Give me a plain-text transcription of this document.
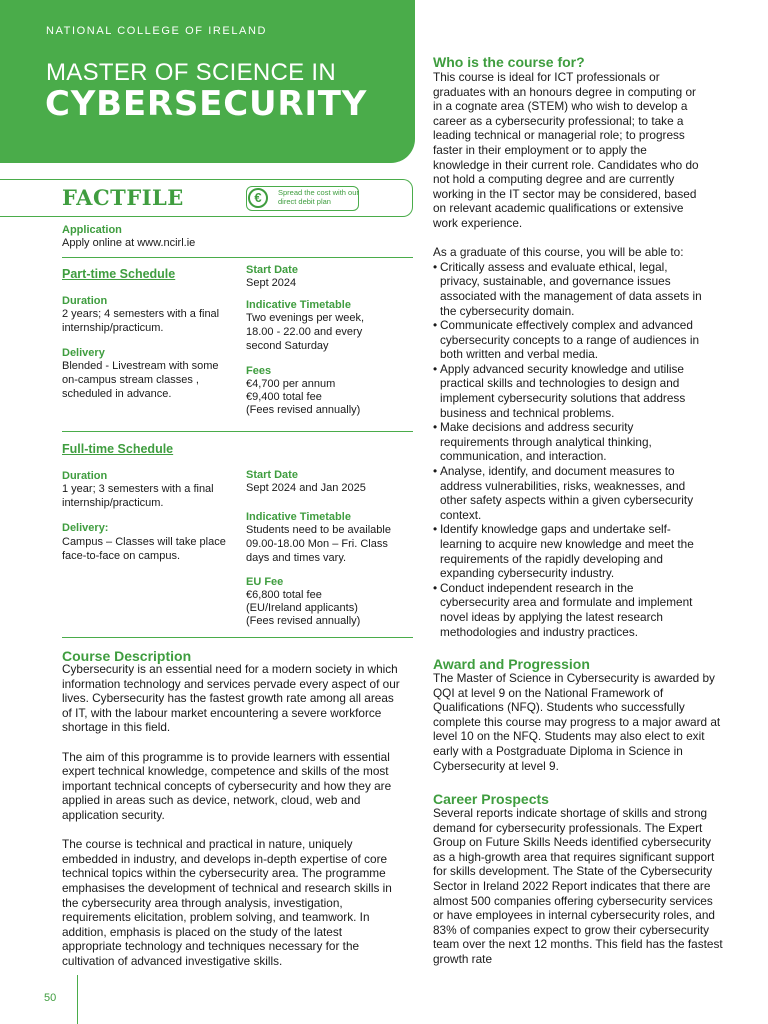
NATIONAL COLLEGE OF IRELAND
MASTER OF SCIENCE IN
CYBERSECURITY
FACTFILE	€	Spread the cost with our direct debit plan
Application
Apply online at www.ncirl.ie
Part-time Schedule
Duration
2 years; 4 semesters with a final internship/practicum.
Delivery
Blended - Livestream with some on-campus stream classes , scheduled in advance.
Start Date
Sept 2024
Indicative Timetable
Two evenings per week, 18.00 - 22.00 and every second Saturday
Fees
€4,700 per annum
€9,400 total fee
(Fees revised annually)
Full-time Schedule
Duration
1 year; 3 semesters with a final internship/practicum.
Delivery:
Campus – Classes will take place face-to-face on campus.
Start Date
Sept 2024 and Jan 2025
Indicative Timetable
Students need to be available 09.00-18.00 Mon – Fri. Class days and times vary.
EU Fee
€6,800 total fee
(EU/Ireland applicants)
(Fees revised annually)
Course Description

Cybersecurity is an essential need for a modern society in which information technology and services pervade every aspect of our lives. Cybersecurity has the fastest growth rate among all areas of IT, with the labour market encountering a severe workforce shortage in this field.

The aim of this programme is to provide learners with essential expert technical knowledge, competence and skills of the most important technical concepts of cybersecurity and how they are applied in areas such as device, network, cloud, web and application security.

The course is technical and practical in nature, uniquely embedded in industry, and develops in-depth expertise of core technical topics within the cybersecurity area. The programme emphasises the development of technical and research skills in the cybersecurity area through analysis, investigation, requirements elicitation, problem solving, and teamwork. In addition, emphasis is placed on the study of the latest appropriate technology and techniques necessary for the cultivation of advanced investigative skills.

50
Who is the course for?

This course is ideal for ICT professionals or graduates with an honours degree in computing or in a cognate area (STEM) who wish to develop a career as a cybersecurity professional; to take a leading technical or managerial role; to progress faster in their employment or to apply the knowledge in their current role. Candidates who do not hold a computing degree and are currently working in the IT sector may be considered, based on relevant academic qualifications or extensive work experience.

As a graduate of this course, you will be able to:

• Critically assess and evaluate ethical, legal, privacy, sustainable, and governance issues associated with the management of data assets in the cybersecurity domain.
• Communicate effectively complex and advanced cybersecurity concepts to a range of audiences in both written and verbal media.
• Apply advanced security knowledge and utilise practical skills and technologies to design and implement cybersecurity solutions that address business and technical problems.
• Make decisions and address security requirements through analytical thinking, communication, and interaction.
• Analyse, identify, and document measures to address vulnerabilities, risks, weaknesses, and other safety aspects within a given cybersecurity context.
• Identify knowledge gaps and undertake self-learning to acquire new knowledge and meet the requirements of the rapidly developing and expanding cybersecurity industry.
• Conduct independent research in the cybersecurity area and formulate and implement novel ideas by applying the latest research methodologies and industry practices.
Award and Progression

The Master of Science in Cybersecurity is awarded by QQI at level 9 on the National Framework of Qualifications (NFQ). Students who successfully complete this course may progress to a major award at level 10 on the NFQ. Students may also elect to exit early with a Postgraduate Diploma in Science in Cybersecurity at level 9.

Career Prospects

Several reports indicate shortage of skills and strong demand for cybersecurity professionals. The Expert Group on Future Skills Needs identified cybersecurity as a high-growth area that requires significant support for skills development. The State of the Cybersecurity Sector in Ireland 2022 Report indicates that there are almost 500 companies offering cybersecurity services or have employees in internal cybersecurity roles, and 83% of companies expect to grow their cybersecurity team over the next 12 months. This field has the fastest growth rate
